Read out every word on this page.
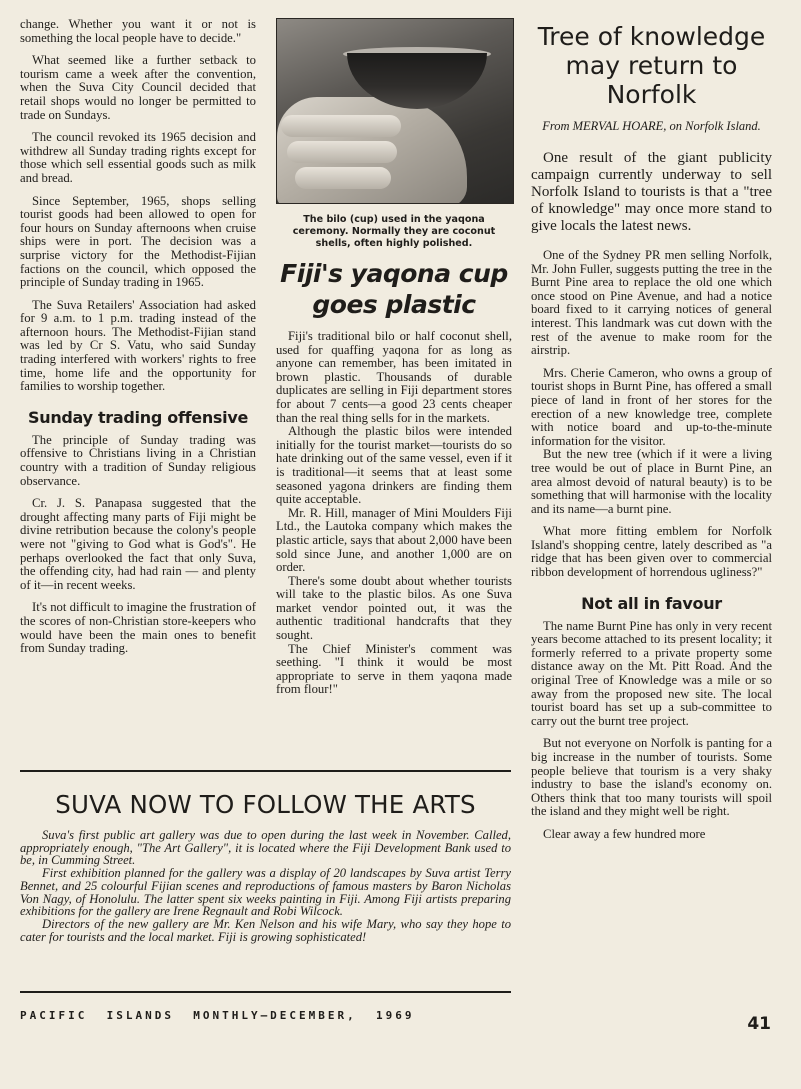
change. Whether you want it or not is something the local people have to decide."

What seemed like a further setback to tourism came a week after the convention, when the Suva City Council decided that retail shops would no longer be permitted to trade on Sundays.

The council revoked its 1965 decision and withdrew all Sunday trading rights except for those which sell essential goods such as milk and bread.

Since September, 1965, shops selling tourist goods had been allowed to open for four hours on Sunday afternoons when cruise ships were in port. The decision was a surprise victory for the Methodist-Fijian factions on the council, which opposed the principle of Sunday trading in 1965.

The Suva Retailers' Association had asked for 9 a.m. to 1 p.m. trading instead of the afternoon hours. The Methodist-Fijian stand was led by Cr S. Vatu, who said Sunday trading interfered with workers' rights to free time, home life and the opportunity for families to worship together.

Sunday trading offensive

The principle of Sunday trading was offensive to Christians living in a Christian country with a tradition of Sunday religious observance.

Cr. J. S. Panapasa suggested that the drought affecting many parts of Fiji might be divine retribution because the colony's people were not "giving to God what is God's". He perhaps overlooked the fact that only Suva, the offending city, had had rain — and plenty of it—in recent weeks.

It's not difficult to imagine the frustration of the scores of non-Christian store-keepers who would have been the main ones to benefit from Sunday trading.

The bilo (cup) used in the yaqona ceremony. Normally they are coconut shells, often highly polished.
Fiji's yaqona cup goes plastic

Fiji's traditional bilo or half coconut shell, used for quaffing yaqona for as long as anyone can remember, has been imitated in brown plastic. Thousands of durable duplicates are selling in Fiji department stores for about 7 cents—a good 23 cents cheaper than the real thing sells for in the markets.

Although the plastic bilos were intended initially for the tourist market—tourists do so hate drinking out of the same vessel, even if it is traditional—it seems that at least some seasoned yagona drinkers are finding them quite acceptable.

Mr. R. Hill, manager of Mini Moulders Fiji Ltd., the Lautoka company which makes the plastic article, says that about 2,000 have been sold since June, and another 1,000 are on order.

There's some doubt about whether tourists will take to the plastic bilos. As one Suva market vendor pointed out, it was the authentic traditional handcrafts that they sought.

The Chief Minister's comment was seething. "I think it would be most appropriate to serve in them yaqona made from flour!"

Tree of knowledge may return to Norfolk
From MERVAL HOARE, on Norfolk Island.

One result of the giant publicity campaign currently underway to sell Norfolk Island to tourists is that a "tree of knowledge" may once more stand to give locals the latest news.

One of the Sydney PR men selling Norfolk, Mr. John Fuller, suggests putting the tree in the Burnt Pine area to replace the old one which once stood on Pine Avenue, and had a notice board fixed to it carrying notices of general interest. This landmark was cut down with the rest of the avenue to make room for the airstrip.

Mrs. Cherie Cameron, who owns a group of tourist shops in Burnt Pine, has offered a small piece of land in front of her stores for the erection of a new knowledge tree, complete with notice board and up-to-the-minute information for the visitor.

But the new tree (which if it were a living tree would be out of place in Burnt Pine, an area almost devoid of natural beauty) is to be something that will harmonise with the locality and its name—a burnt pine.

What more fitting emblem for Norfolk Island's shopping centre, lately described as "a ridge that has been given over to commercial ribbon development of horrendous ugliness?"

Not all in favour

The name Burnt Pine has only in very recent years become attached to its present locality; it formerly referred to a private property some distance away on the Mt. Pitt Road. And the original Tree of Knowledge was a mile or so away from the proposed new site. The local tourist board has set up a sub-committee to carry out the burnt tree project.

But not everyone on Norfolk is panting for a big increase in the number of tourists. Some people believe that tourism is a very shaky industry to base the island's economy on. Others think that too many tourists will spoil the island and they might well be right.

Clear away a few hundred more

SUVA NOW TO FOLLOW THE ARTS

Suva's first public art gallery was due to open during the last week in November. Called, appropriately enough, "The Art Gallery", it is located where the Fiji Development Bank used to be, in Cumming Street.

First exhibition planned for the gallery was a display of 20 landscapes by Suva artist Terry Bennet, and 25 colourful Fijian scenes and reproductions of famous masters by Baron Nicholas Von Nagy, of Honolulu. The latter spent six weeks painting in Fiji. Among Fiji artists preparing exhibitions for the gallery are Irene Regnault and Robi Wilcock.

Directors of the new gallery are Mr. Ken Nelson and his wife Mary, who say they hope to cater for tourists and the local market. Fiji is growing sophisticated!

PACIFIC  ISLANDS  MONTHLY—DECEMBER,  1969	41
